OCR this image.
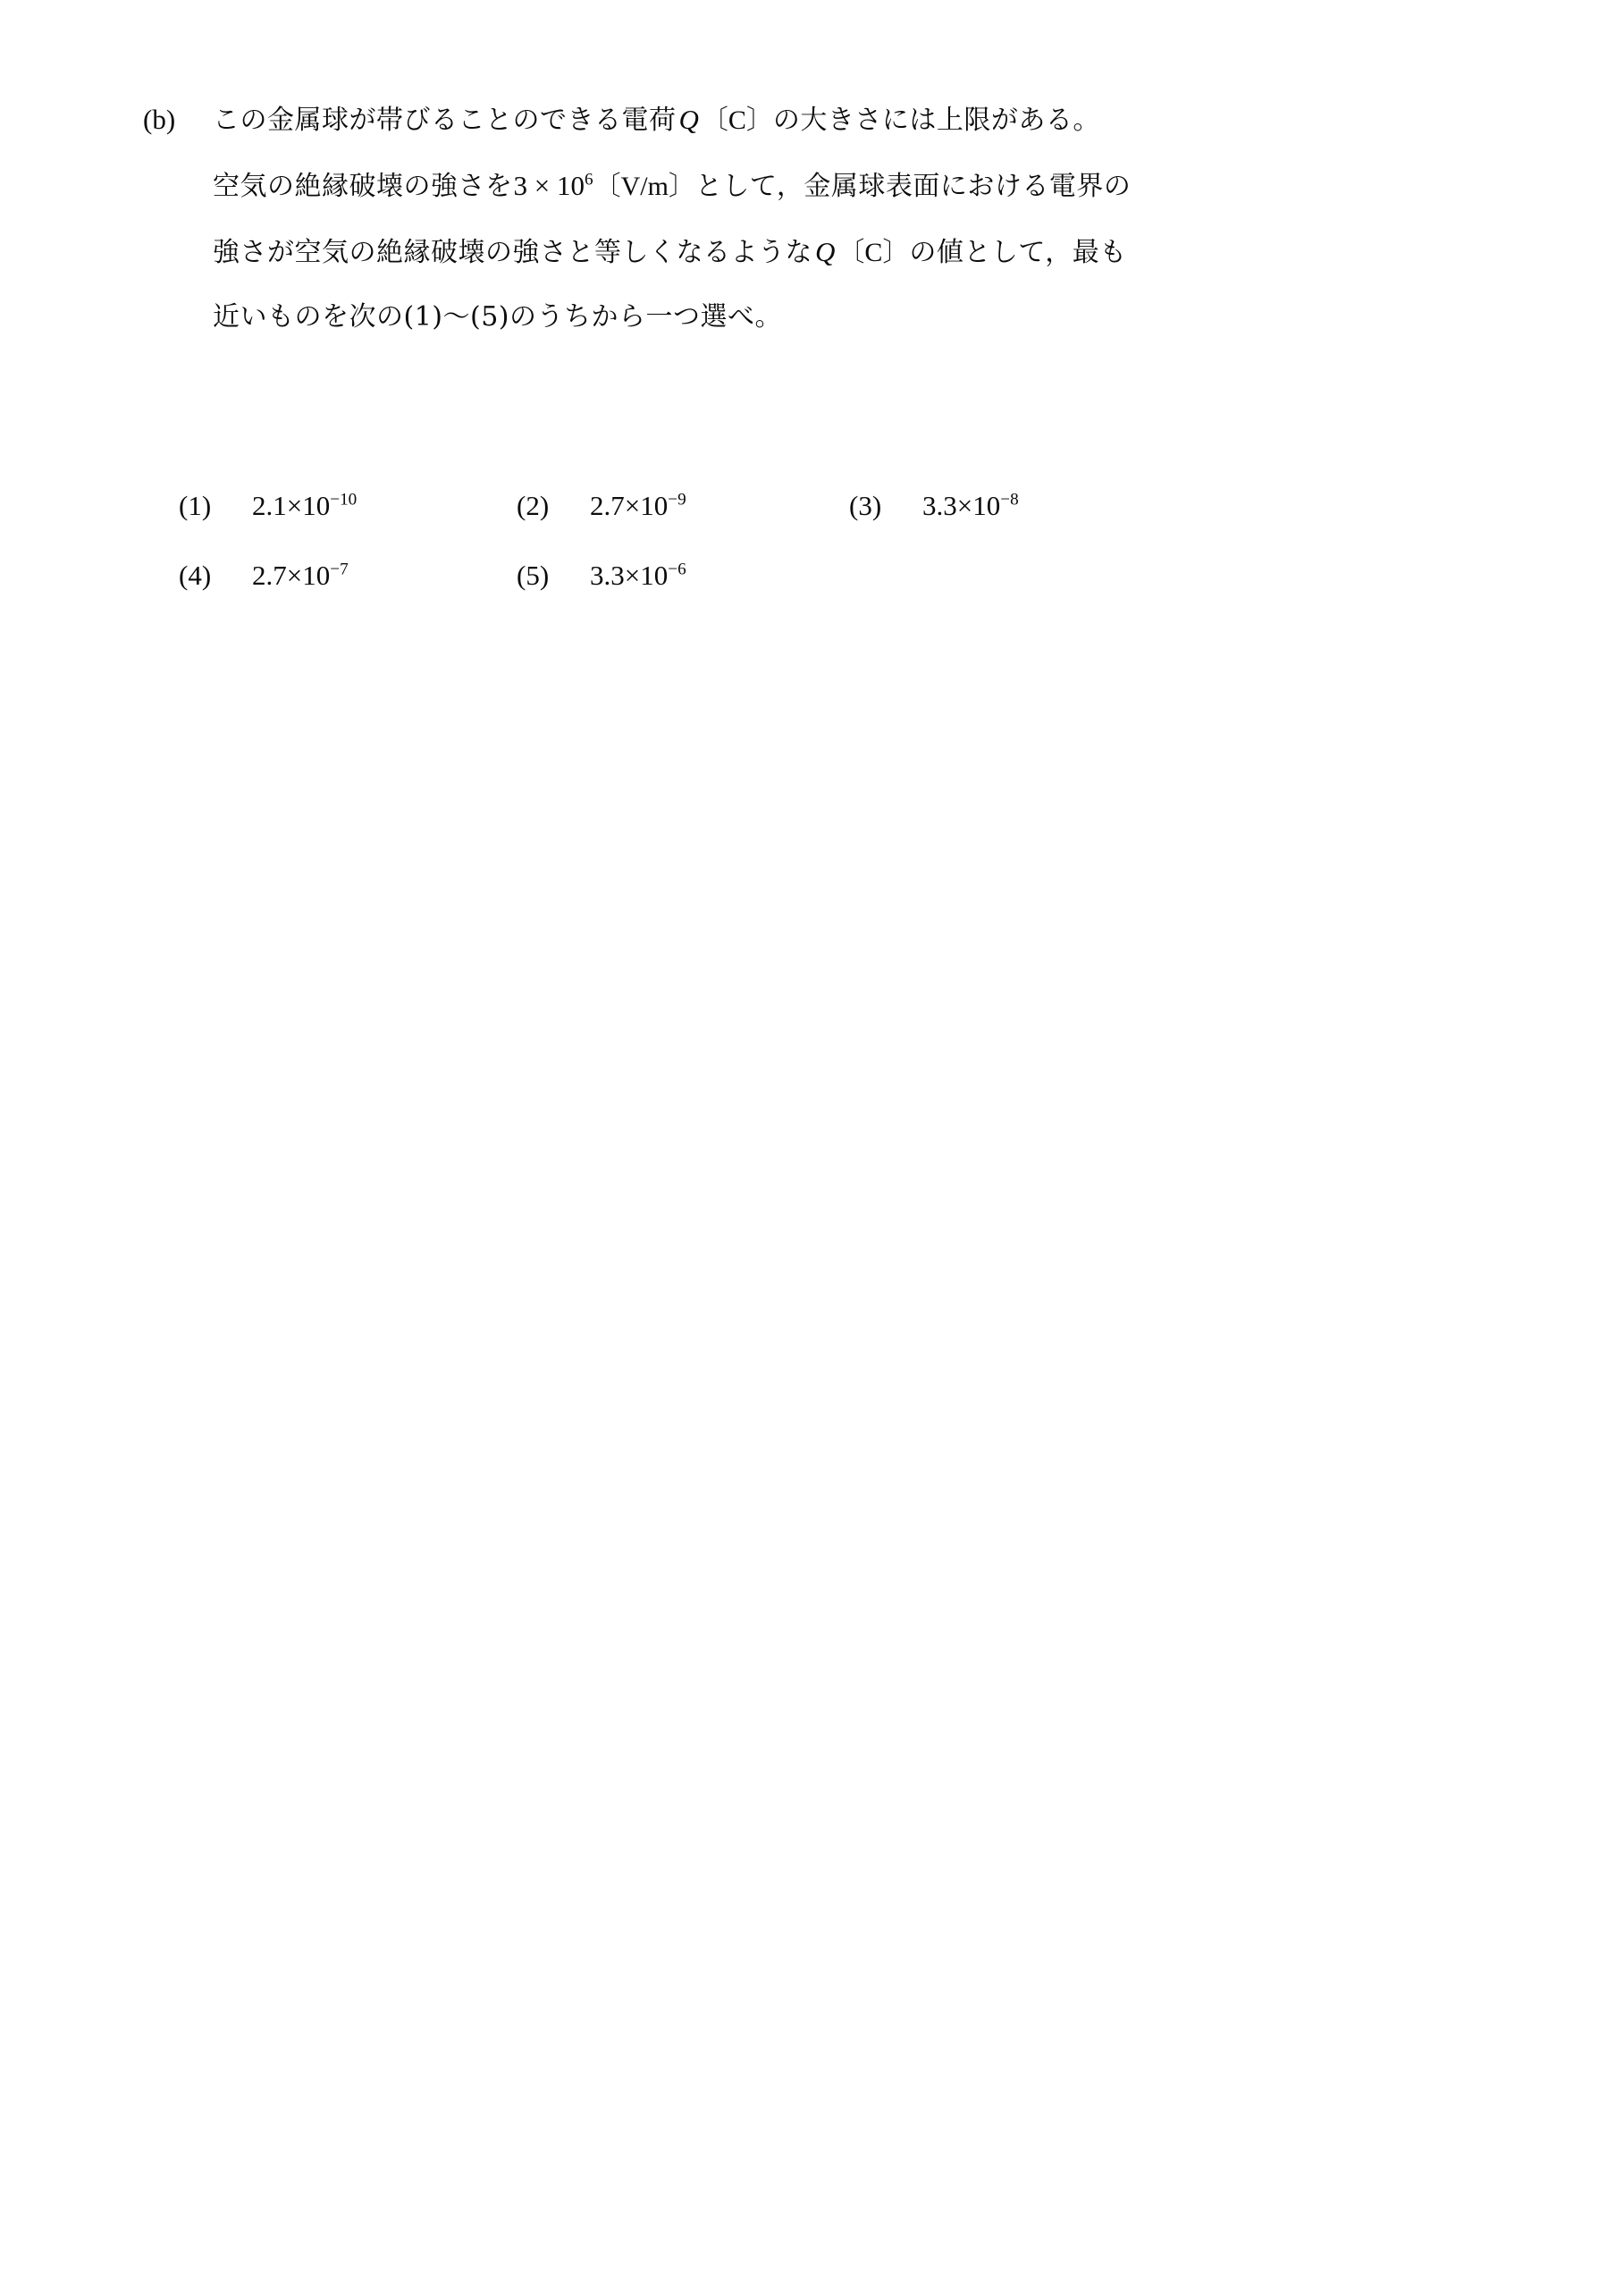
(b)	この金属球が帯びることのできる電荷 Q 〔C〕 の大きさには上限がある。
空気の絶縁破壊の強さを $3 \times 10^6$ 〔V/m〕 として，金属球表面における電界の
強さが空気の絶縁破壊の強さと等しくなるような Q 〔C〕 の値として，最も
近いものを次の(1)〜(5)のうちから一つ選べ。
(1) $2.1\times 10^{-10}$	(2) $2.7\times 10^{-9}$	(3) $3.3\times 10^{-8}$
(4) $2.7\times 10^{-7}$	(5) $3.3\times 10^{-6}$
